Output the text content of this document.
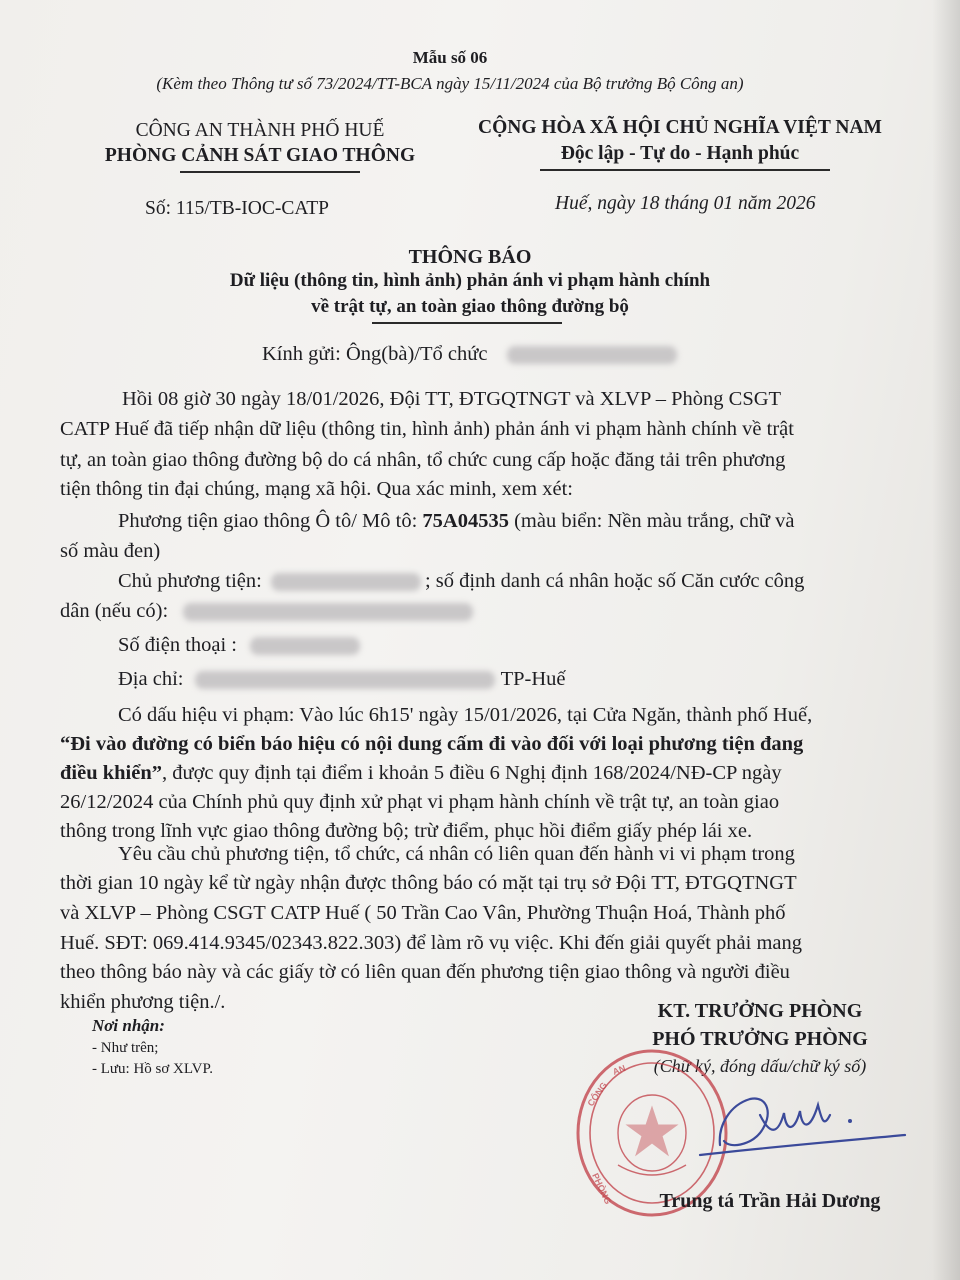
Mẫu số 06
(Kèm theo Thông tư số 73/2024/TT-BCA ngày 15/11/2024 của Bộ trưởng Bộ Công an)
CÔNG AN THÀNH PHỐ HUẾ
PHÒNG CẢNH SÁT GIAO THÔNG
CỘNG HÒA XÃ HỘI CHỦ NGHĨA VIỆT NAM
Độc lập - Tự do - Hạnh phúc
Số: 115/TB-IOC-CATP	Huế, ngày 18 tháng 01 năm 2026
THÔNG BÁO
Dữ liệu (thông tin, hình ảnh) phản ánh vi phạm hành chính
về trật tự, an toàn giao thông đường bộ
Kính gửi: Ông(bà)/Tổ chức
Hồi 08 giờ 30 ngày 18/01/2026, Đội TT, ĐTGQTNGT và XLVP – Phòng CSGT
CATP Huế đã tiếp nhận dữ liệu (thông tin, hình ảnh) phản ánh vi phạm hành chính về trật
tự, an toàn giao thông đường bộ do cá nhân, tổ chức cung cấp hoặc đăng tải trên phương
tiện thông tin đại chúng, mạng xã hội. Qua xác minh, xem xét:
Phương tiện giao thông Ô tô/ Mô tô: 75A04535 (màu biển: Nền màu trắng, chữ và
số màu đen)
Chủ phương tiện:	; số định danh cá nhân hoặc số Căn cước công
dân (nếu có):
Số điện thoại :
Địa chỉ:	TP-Huế
Có dấu hiệu vi phạm: Vào lúc 6h15' ngày 15/01/2026, tại Cửa Ngăn, thành phố Huế,
“Đi vào đường có biển báo hiệu có nội dung cấm đi vào đối với loại phương tiện đang
điều khiển”, được quy định tại điểm i khoản 5 điều 6 Nghị định 168/2024/NĐ-CP ngày
26/12/2024 của Chính phủ quy định xử phạt vi phạm hành chính về trật tự, an toàn giao
thông trong lĩnh vực giao thông đường bộ; trừ điểm, phục hồi điểm giấy phép lái xe.
Yêu cầu chủ phương tiện, tổ chức, cá nhân có liên quan đến hành vi vi phạm trong
thời gian 10 ngày kể từ ngày nhận được thông báo có mặt tại trụ sở Đội TT, ĐTGQTNGT
và XLVP – Phòng CSGT CATP Huế ( 50 Trần Cao Vân, Phường Thuận Hoá, Thành phố
Huế. SĐT: 069.414.9345/02343.822.303) để làm rõ vụ việc. Khi đến giải quyết phải mang
theo thông báo này và các giấy tờ có liên quan đến phương tiện giao thông và người điều
khiển phương tiện./.
Nơi nhận:
- Như trên;
- Lưu: Hồ sơ XLVP.
KT. TRƯỞNG PHÒNG
PHÓ TRƯỞNG PHÒNG
(Chữ ký, đóng dấu/chữ ký số)
CÔNG
AN
PHÒNG	Trung tá Trần Hải Dương
